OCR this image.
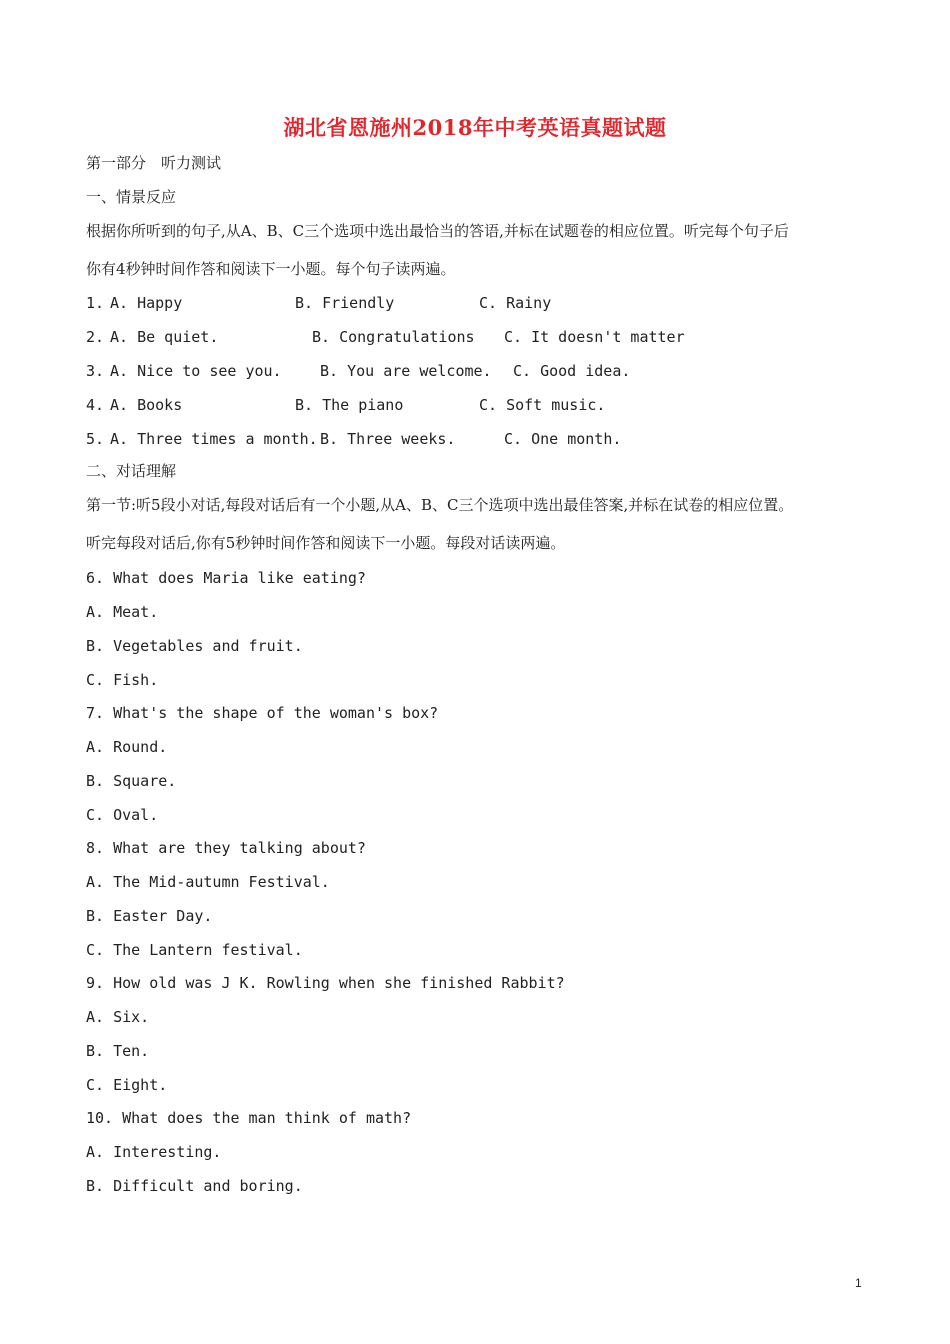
湖北省恩施州2018年中考英语真题试题
第一部分　听力测试
一、情景反应
根据你所听到的句子,从A、B、C三个选项中选出最恰当的答语,并标在试题卷的相应位置。听完每个句子后
你有4秒钟时间作答和阅读下一小题。每个句子读两遍。
1. A. Happy	B. Friendly	C. Rainy
2. A. Be quiet.	B. Congratulations C. It doesn't matter
3. A. Nice to see you.	B. You are welcome. C. Good idea.
4. A. Books	B. The piano	C. Soft music.
5. A. Three times a month. B. Three weeks.	C. One month.
二、对话理解
第一节:听5段小对话,每段对话后有一个小题,从A、B、C三个选项中选出最佳答案,并标在试卷的相应位置。
听完每段对话后,你有5秒钟时间作答和阅读下一小题。每段对话读两遍。
6. What does Maria like eating?
A. Meat.
B. Vegetables and fruit.
C. Fish.
7. What's the shape of the woman's box?
A. Round.
B. Square.
C. Oval.
8. What are they talking about?
A. The Mid-autumn Festival.
B. Easter Day.
C. The Lantern festival.
9. How old was J K. Rowling when she finished Rabbit?
A. Six.
B. Ten.
C. Eight.
10. What does the man think of math?
A. Interesting.
B. Difficult and boring.
1
